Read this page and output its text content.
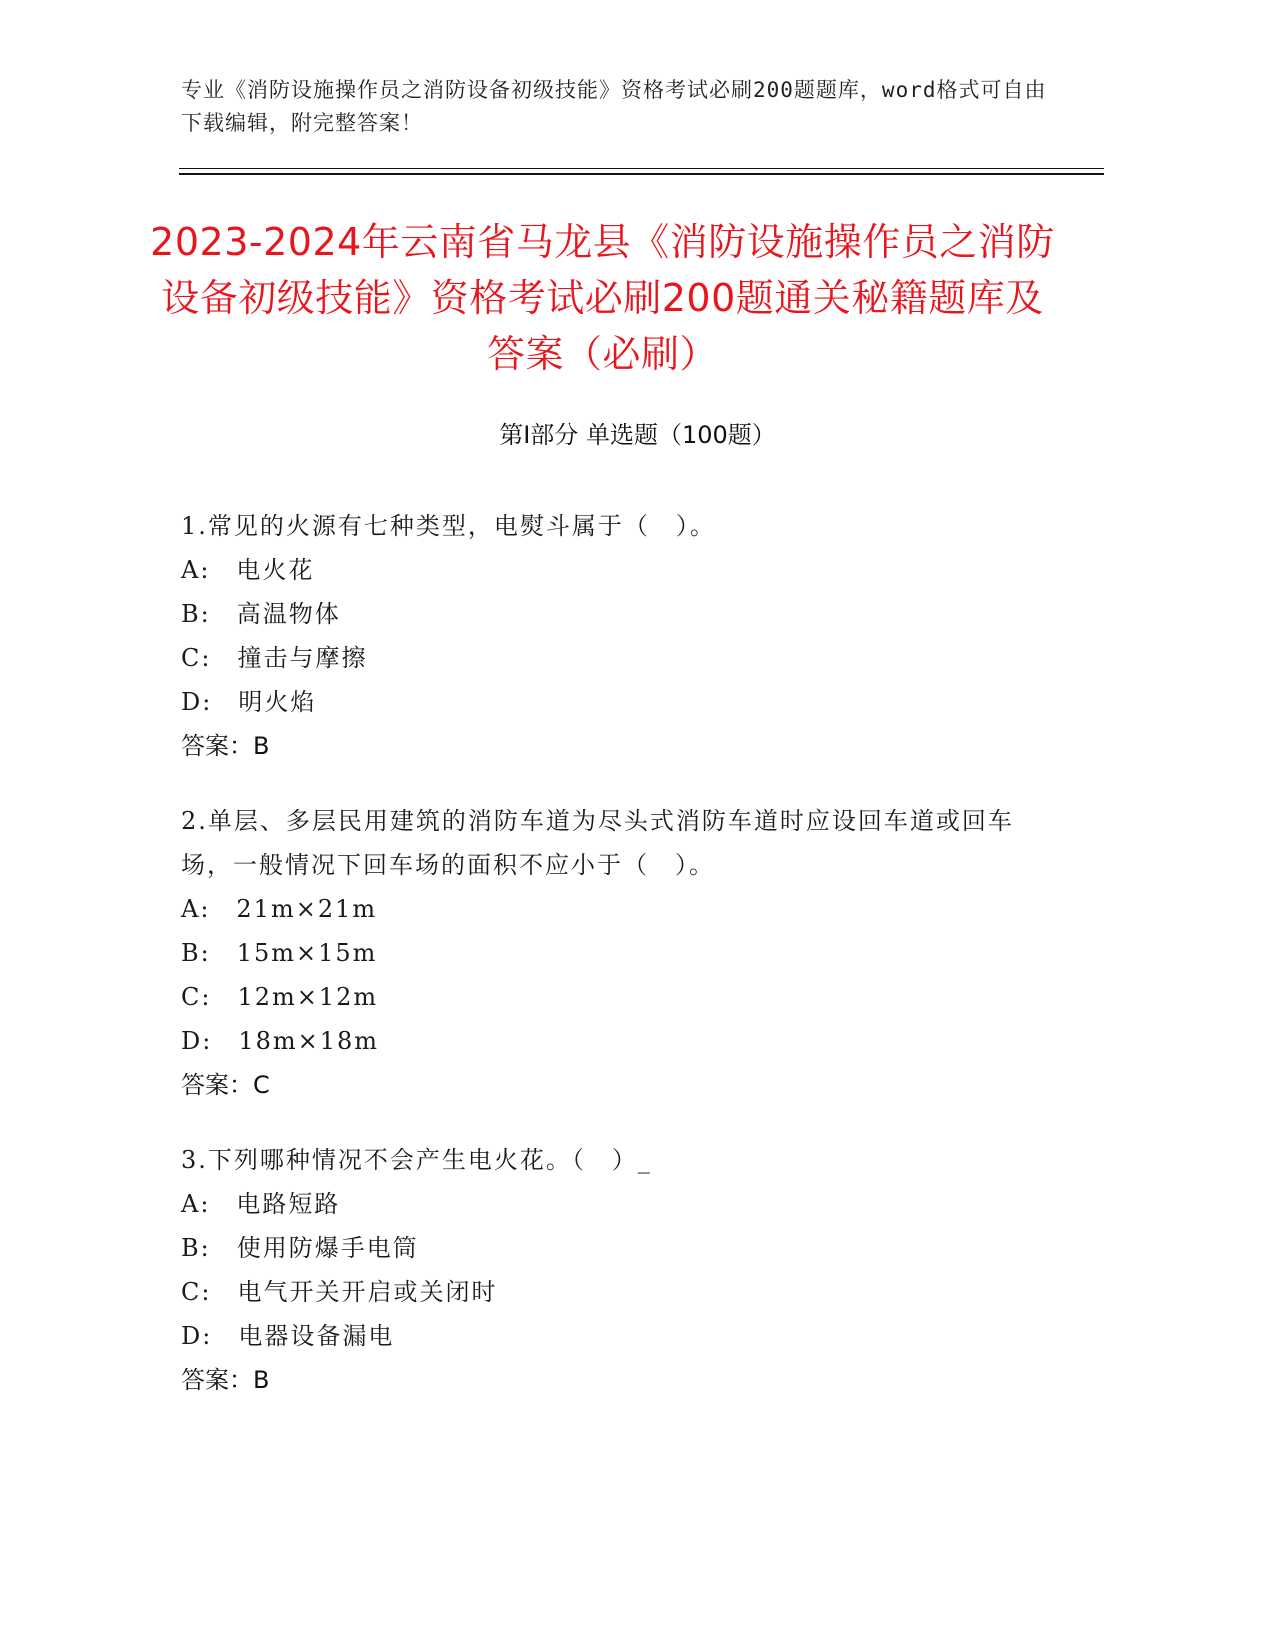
专业《消防设施操作员之消防设备初级技能》资格考试必刷200题题库，word格式可自由下载编辑，附完整答案！
2023-2024年云南省马龙县《消防设施操作员之消防设备初级技能》资格考试必刷200题通关秘籍题库及答案（必刷）
第I部分 单选题（100题）
1.常见的火源有七种类型，电熨斗属于（　）。
A:　电火花
B:　高温物体
C:　撞击与摩擦
D:　明火焰
答案：B
2.单层、多层民用建筑的消防车道为尽头式消防车道时应设回车道或回车场，一般情况下回车场的面积不应小于（　）。
A:　21m×21m
B:　15m×15m
C:　12m×12m
D:　18m×18m
答案：C
3.下列哪种情况不会产生电火花。（　）_
A:　电路短路
B:　使用防爆手电筒
C:　电气开关开启或关闭时
D:　电器设备漏电
答案：B
